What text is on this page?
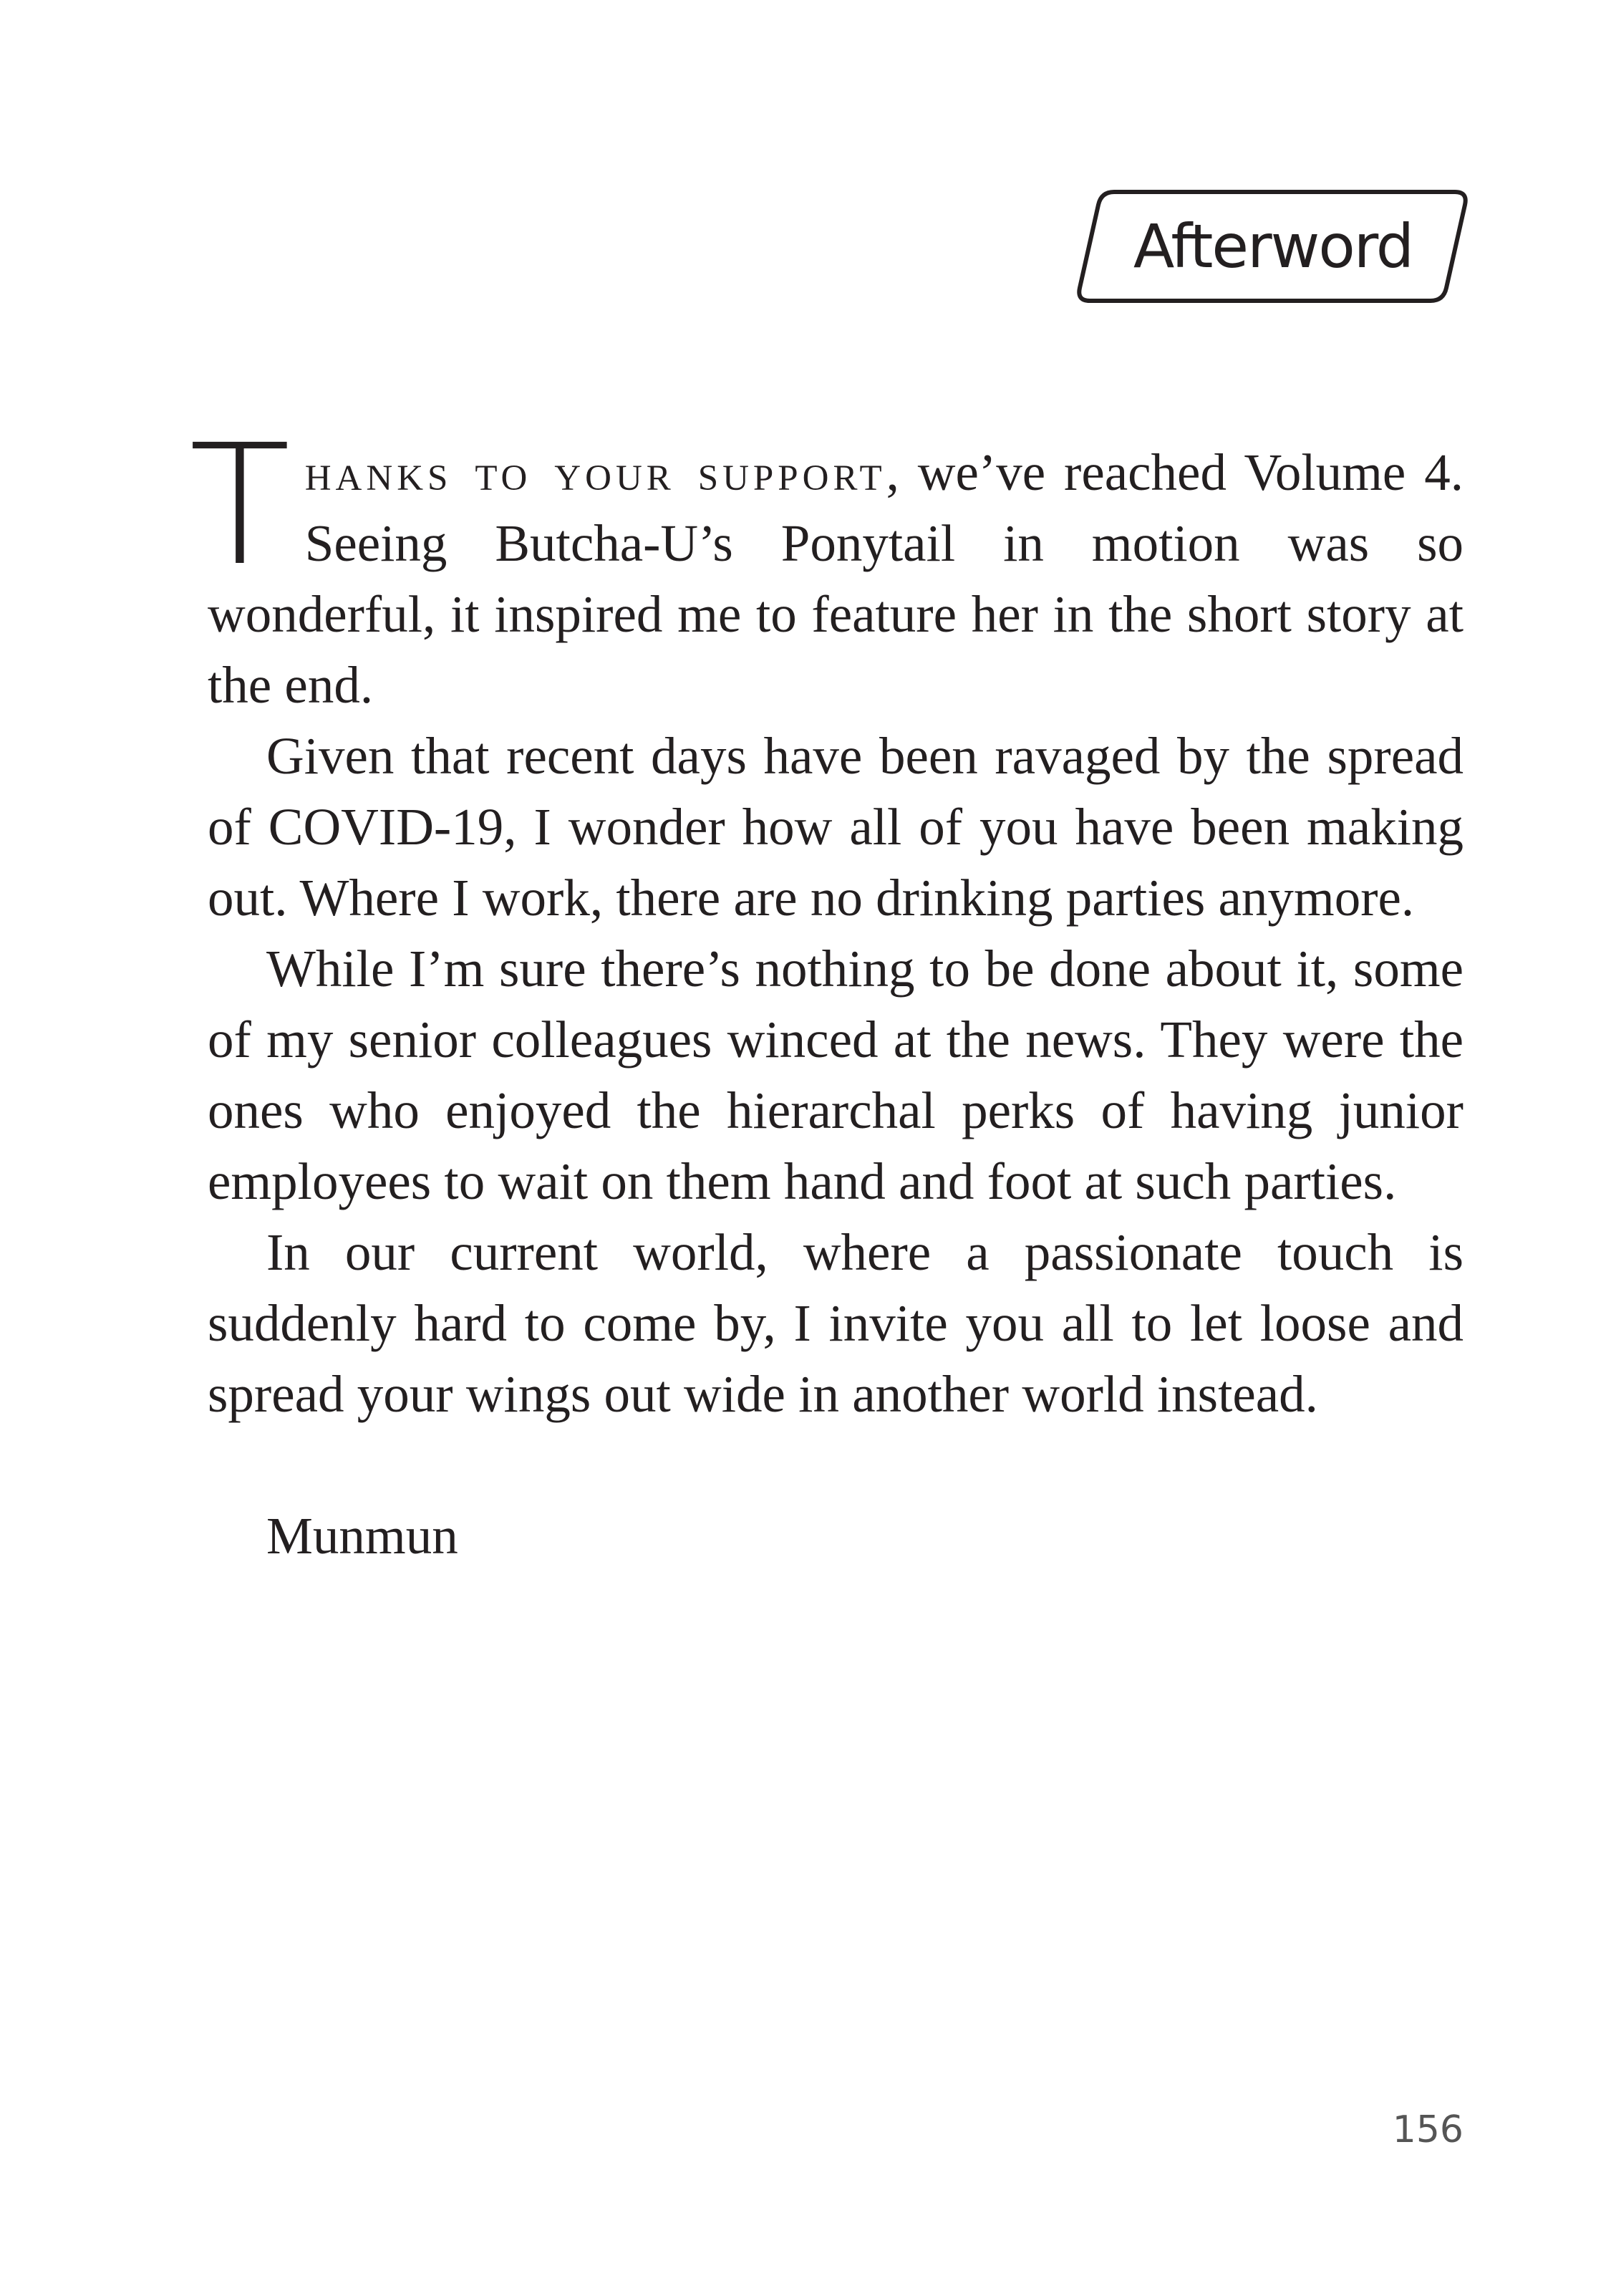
Afterword

Thanks to your support, we’ve reached Volume 4. Seeing Butcha-U’s Ponytail in motion was so wonderful, it inspired me to feature her in the short story at the end.

Given that recent days have been ravaged by the spread of COVID-19, I wonder how all of you have been making out. Where I work, there are no drinking parties anymore.

While I’m sure there’s nothing to be done about it, some of my senior colleagues winced at the news. They were the ones who enjoyed the hierarchal perks of having junior employees to wait on them hand and foot at such parties.

In our current world, where a passionate touch is suddenly hard to come by, I invite you all to let loose and spread your wings out wide in another world instead.

Munmun

156
